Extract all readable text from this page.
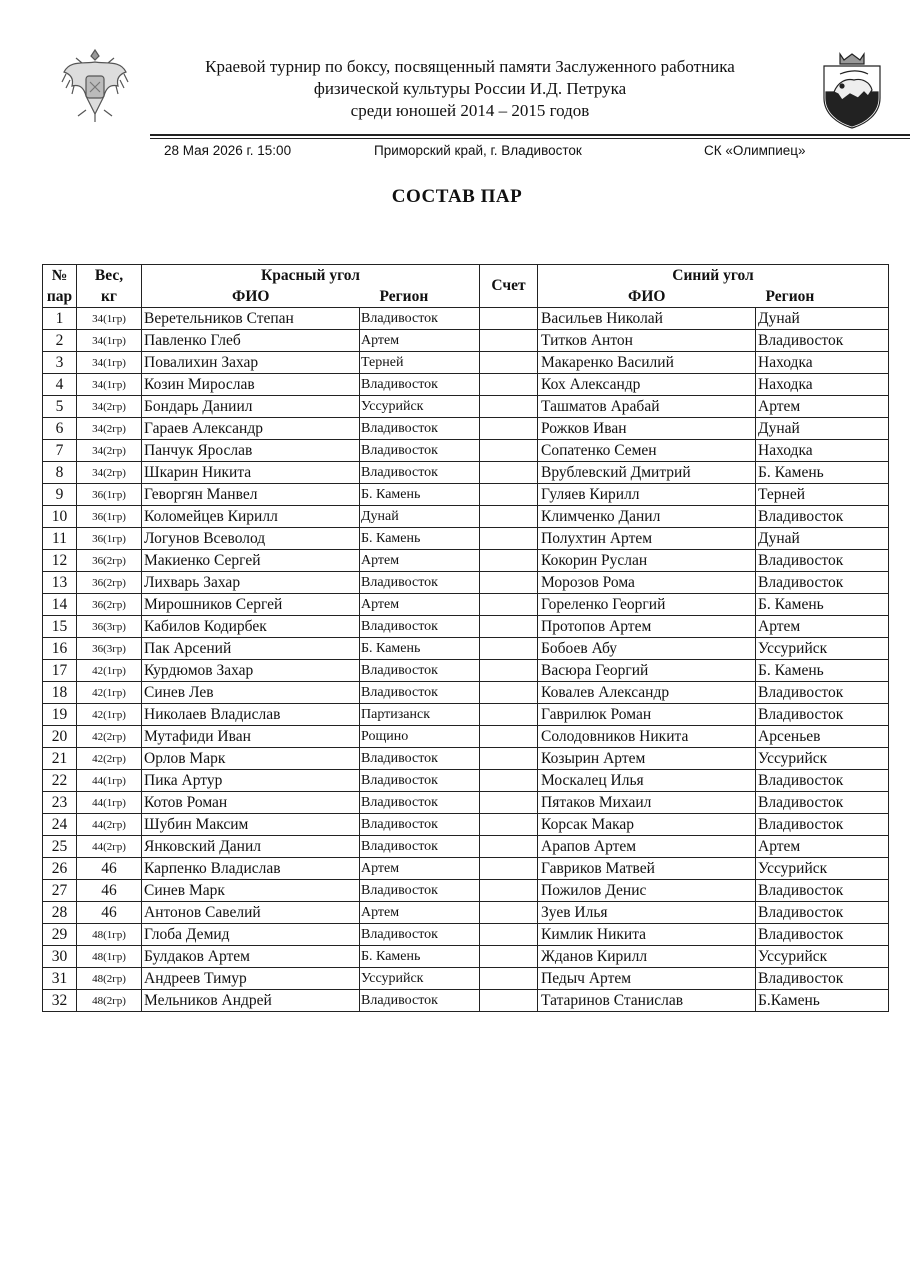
Краевой турнир по боксу, посвященный памяти Заслуженного работника
физической культуры России И.Д. Петрука
среди юношей 2014 – 2015 годов
28 Мая 2026 г. 15:00	Приморский край, г. Владивосток	СК «Олимпиец»
СОСТАВ ПАР
№	Вес,	Красный угол		Счет	Синий угол	
пар	кг	ФИО	Регион		ФИО	Регион
1	34(1гр)	Веретельников Степан	Владивосток		Васильев Николай	Дунай
2	34(1гр)	Павленко Глеб	Артем		Титков Антон	Владивосток
3	34(1гр)	Повалихин Захар	Терней		Макаренко Василий	Находка
4	34(1гр)	Козин Мирослав	Владивосток		Кох Александр	Находка
5	34(2гр)	Бондарь Даниил	Уссурийск		Ташматов Арабай	Артем
6	34(2гр)	Гараев Александр	Владивосток		Рожков Иван	Дунай
7	34(2гр)	Панчук Ярослав	Владивосток		Сопатенко Семен	Находка
8	34(2гр)	Шкарин Никита	Владивосток		Врублевский Дмитрий	Б. Камень
9	36(1гр)	Геворгян Манвел	Б. Камень		Гуляев Кирилл	Терней
10	36(1гр)	Коломейцев Кирилл	Дунай		Климченко Данил	Владивосток
11	36(1гр)	Логунов Всеволод	Б. Камень		Полухтин Артем	Дунай
12	36(2гр)	Макиенко Сергей	Артем		Кокорин Руслан	Владивосток
13	36(2гр)	Лихварь Захар	Владивосток		Морозов Рома	Владивосток
14	36(2гр)	Мирошников Сергей	Артем		Гореленко Георгий	Б. Камень
15	36(3гр)	Кабилов Кодирбек	Владивосток		Протопов Артем	Артем
16	36(3гр)	Пак Арсений	Б. Камень		Бобоев Абу	Уссурийск
17	42(1гр)	Курдюмов Захар	Владивосток		Васюра Георгий	Б. Камень
18	42(1гр)	Синев Лев	Владивосток		Ковалев Александр	Владивосток
19	42(1гр)	Николаев Владислав	Партизанск		Гаврилюк Роман	Владивосток
20	42(2гр)	Мутафиди Иван	Рощино		Солодовников Никита	Арсеньев
21	42(2гр)	Орлов Марк	Владивосток		Козырин Артем	Уссурийск
22	44(1гр)	Пика Артур	Владивосток		Москалец Илья	Владивосток
23	44(1гр)	Котов Роман	Владивосток		Пятаков Михаил	Владивосток
24	44(2гр)	Шубин Максим	Владивосток		Корсак Макар	Владивосток
25	44(2гр)	Янковский Данил	Владивосток		Арапов Артем	Артем
26	46	Карпенко Владислав	Артем		Гавриков Матвей	Уссурийск
27	46	Синев Марк	Владивосток		Пожилов Денис	Владивосток
28	46	Антонов Савелий	Артем		Зуев Илья	Владивосток
29	48(1гр)	Глоба Демид	Владивосток		Кимлик Никита	Владивосток
30	48(1гр)	Булдаков Артем	Б. Камень		Жданов Кирилл	Уссурийск
31	48(2гр)	Андреев Тимур	Уссурийск		Педыч Артем	Владивосток
32	48(2гр)	Мельников Андрей	Владивосток		Татаринов Станислав	Б.Камень
